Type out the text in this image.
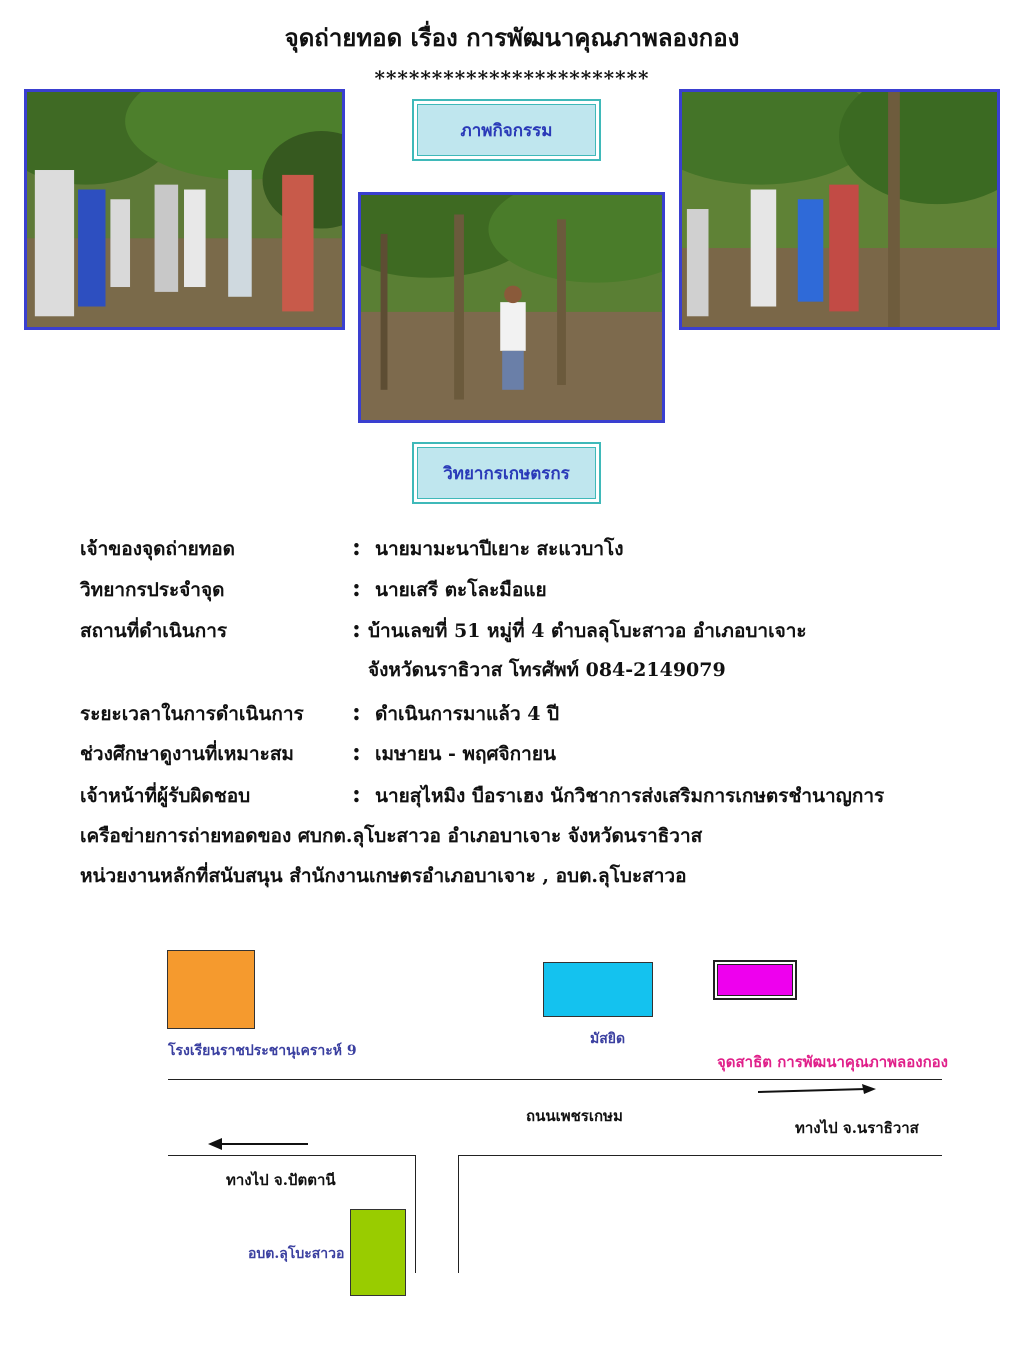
จุดถ่ายทอด เรื่อง การพัฒนาคุณภาพลองกอง
************************
ภาพกิจกรรม
วิทยากรเกษตรกร
เจ้าของจุดถ่ายทอด	: นายมามะนาปีเยาะ สะแวบาโง
วิทยากรประจำจุด	: นายเสรี ตะโละมือแย
สถานที่ดำเนินการ	: บ้านเลขที่ 51 หมู่ที่ 4 ตำบลลุโบะสาวอ อำเภอบาเจาะ
จังหวัดนราธิวาส โทรศัพท์ 084-2149079
ระยะเวลาในการดำเนินการ : ดำเนินการมาแล้ว 4 ปี
ช่วงศึกษาดูงานที่เหมาะสม : เมษายน - พฤศจิกายน
เจ้าหน้าที่ผู้รับผิดชอบ	: นายสุไหมิง บือราเฮง นักวิชาการส่งเสริมการเกษตรชำนาญการ
เครือข่ายการถ่ายทอดของ ศบกต.ลุโบะสาวอ อำเภอบาเจาะ จังหวัดนราธิวาส
หน่วยงานหลักที่สนับสนุน สำนักงานเกษตรอำเภอบาเจาะ , อบต.ลุโบะสาวอ
โรงเรียนราชประชานุเคราะห์ 9
มัสยิด
จุดสาธิต การพัฒนาคุณภาพลองกอง
ถนนเพชรเกษม
ทางไป จ.นราธิวาส
ทางไป จ.ปัตตานี
อบต.ลุโบะสาวอ
